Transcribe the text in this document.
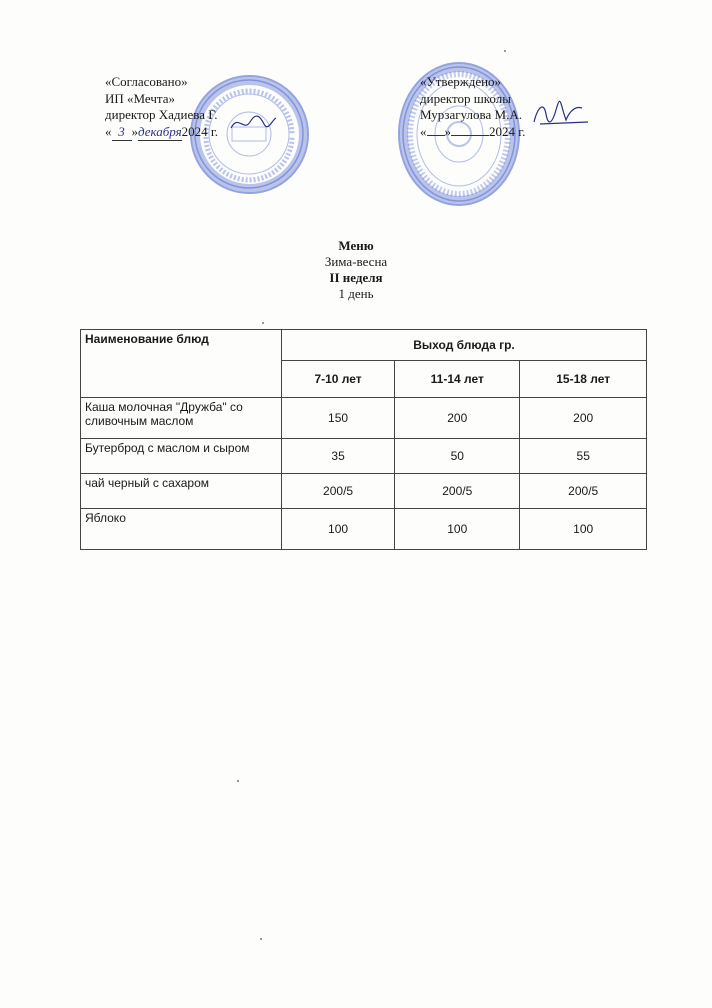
«Согласовано»
ИП «Мечта»
директор Хадиева Г.
« 3 »декабря2024 г.
«Утверждено»
директор школы
Мурзагулова М.А.
« »	2024 г.
Меню
Зима-весна
II неделя
1 день
Наименование блюд	Выход блюда гр.		
	7-10 лет	11-14 лет	15-18 лет
Каша молочная "Дружба" со сливочным маслом	150	200	200
Бутерброд с маслом и сыром	35	50	55
чай черный с сахаром	200/5	200/5	200/5
Яблоко	100	100	100
